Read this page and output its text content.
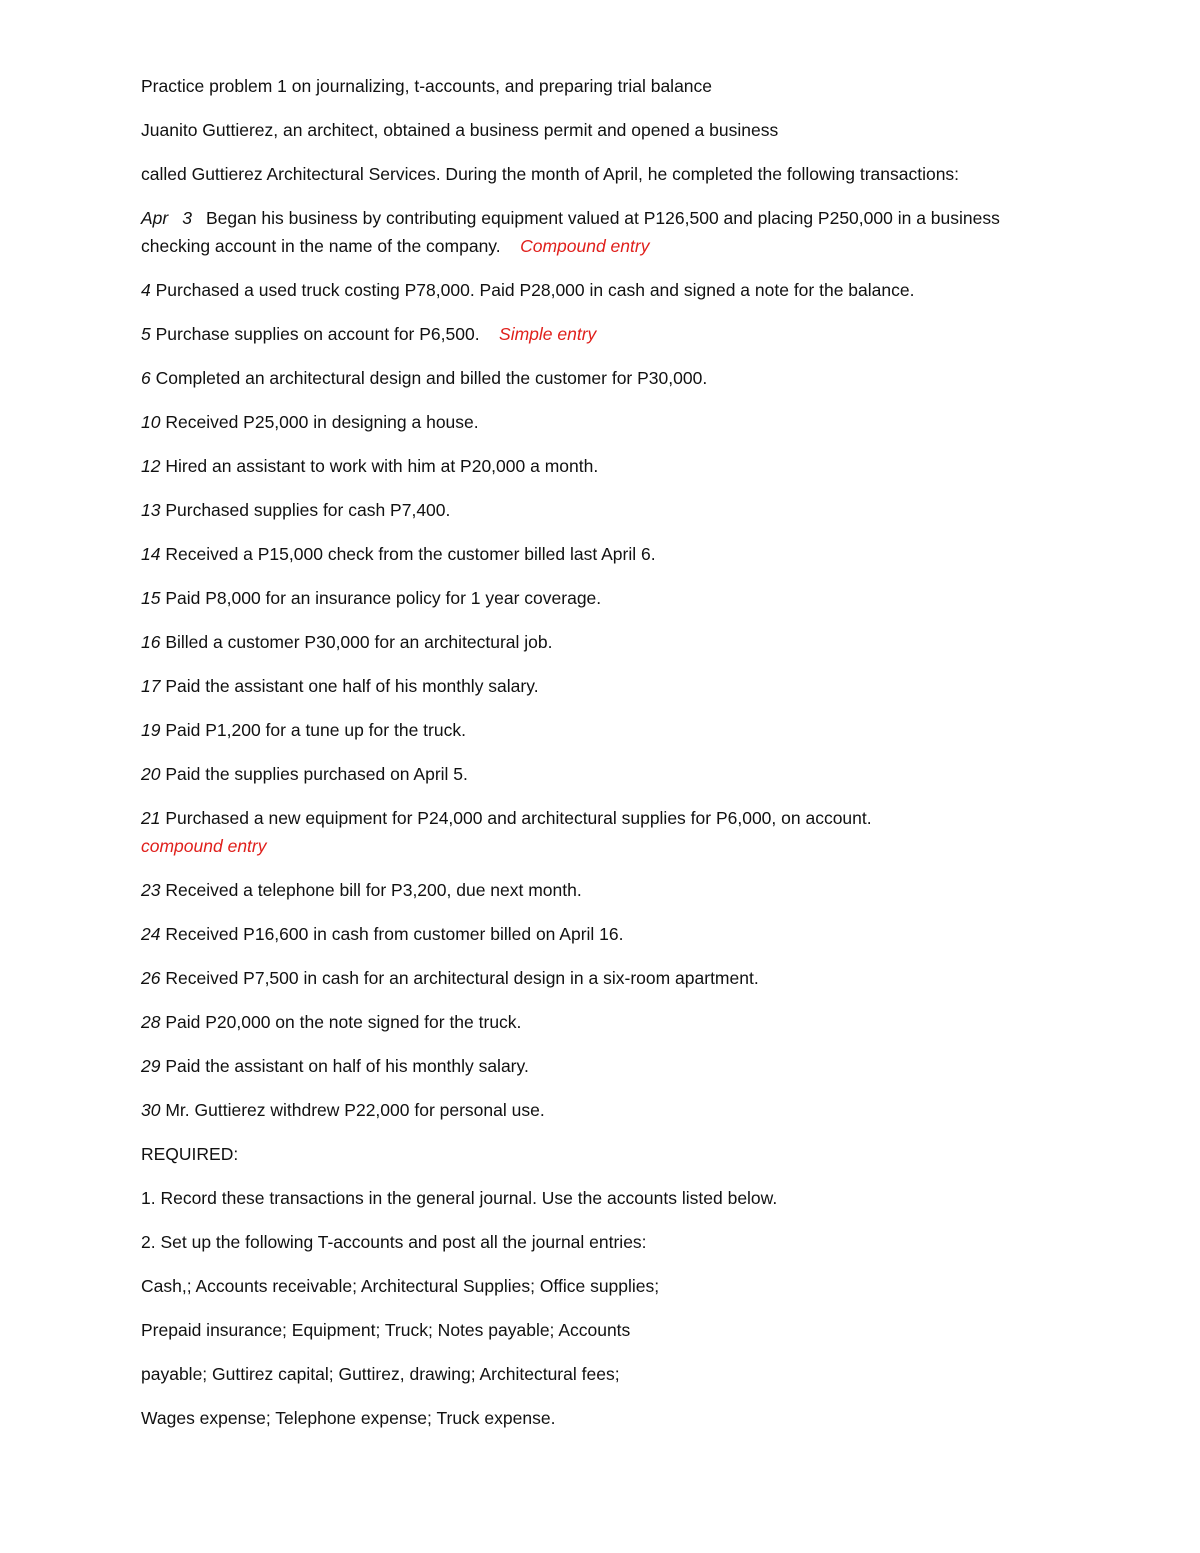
Practice problem 1 on journalizing, t-accounts, and preparing trial balance

Juanito Guttierez, an architect, obtained a business permit and opened a business

called Guttierez Architectural Services. During the month of April, he completed the following transactions:

Apr 3 Began his business by contributing equipment valued at P126,500 and placing P250,000 in a business checking account in the name of the company. Compound entry

4 Purchased a used truck costing P78,000. Paid P28,000 in cash and signed a note for the balance.

5 Purchase supplies on account for P6,500. Simple entry

6 Completed an architectural design and billed the customer for P30,000.

10 Received P25,000 in designing a house.

12 Hired an assistant to work with him at P20,000 a month.

13 Purchased supplies for cash P7,400.

14 Received a P15,000 check from the customer billed last April 6.

15 Paid P8,000 for an insurance policy for 1 year coverage.

16 Billed a customer P30,000 for an architectural job.

17 Paid the assistant one half of his monthly salary.

19 Paid P1,200 for a tune up for the truck.

20 Paid the supplies purchased on April 5.

21 Purchased a new equipment for P24,000 and architectural supplies for P6,000, on account.
compound entry

23 Received a telephone bill for P3,200, due next month.

24 Received P16,600 in cash from customer billed on April 16.

26 Received P7,500 in cash for an architectural design in a six-room apartment.

28 Paid P20,000 on the note signed for the truck.

29 Paid the assistant on half of his monthly salary.

30 Mr. Guttierez withdrew P22,000 for personal use.

REQUIRED:

1. Record these transactions in the general journal. Use the accounts listed below.

2. Set up the following T-accounts and post all the journal entries:

Cash,; Accounts receivable; Architectural Supplies; Office supplies;

Prepaid insurance; Equipment; Truck; Notes payable; Accounts

payable; Guttirez capital; Guttirez, drawing; Architectural fees;

Wages expense; Telephone expense; Truck expense.
